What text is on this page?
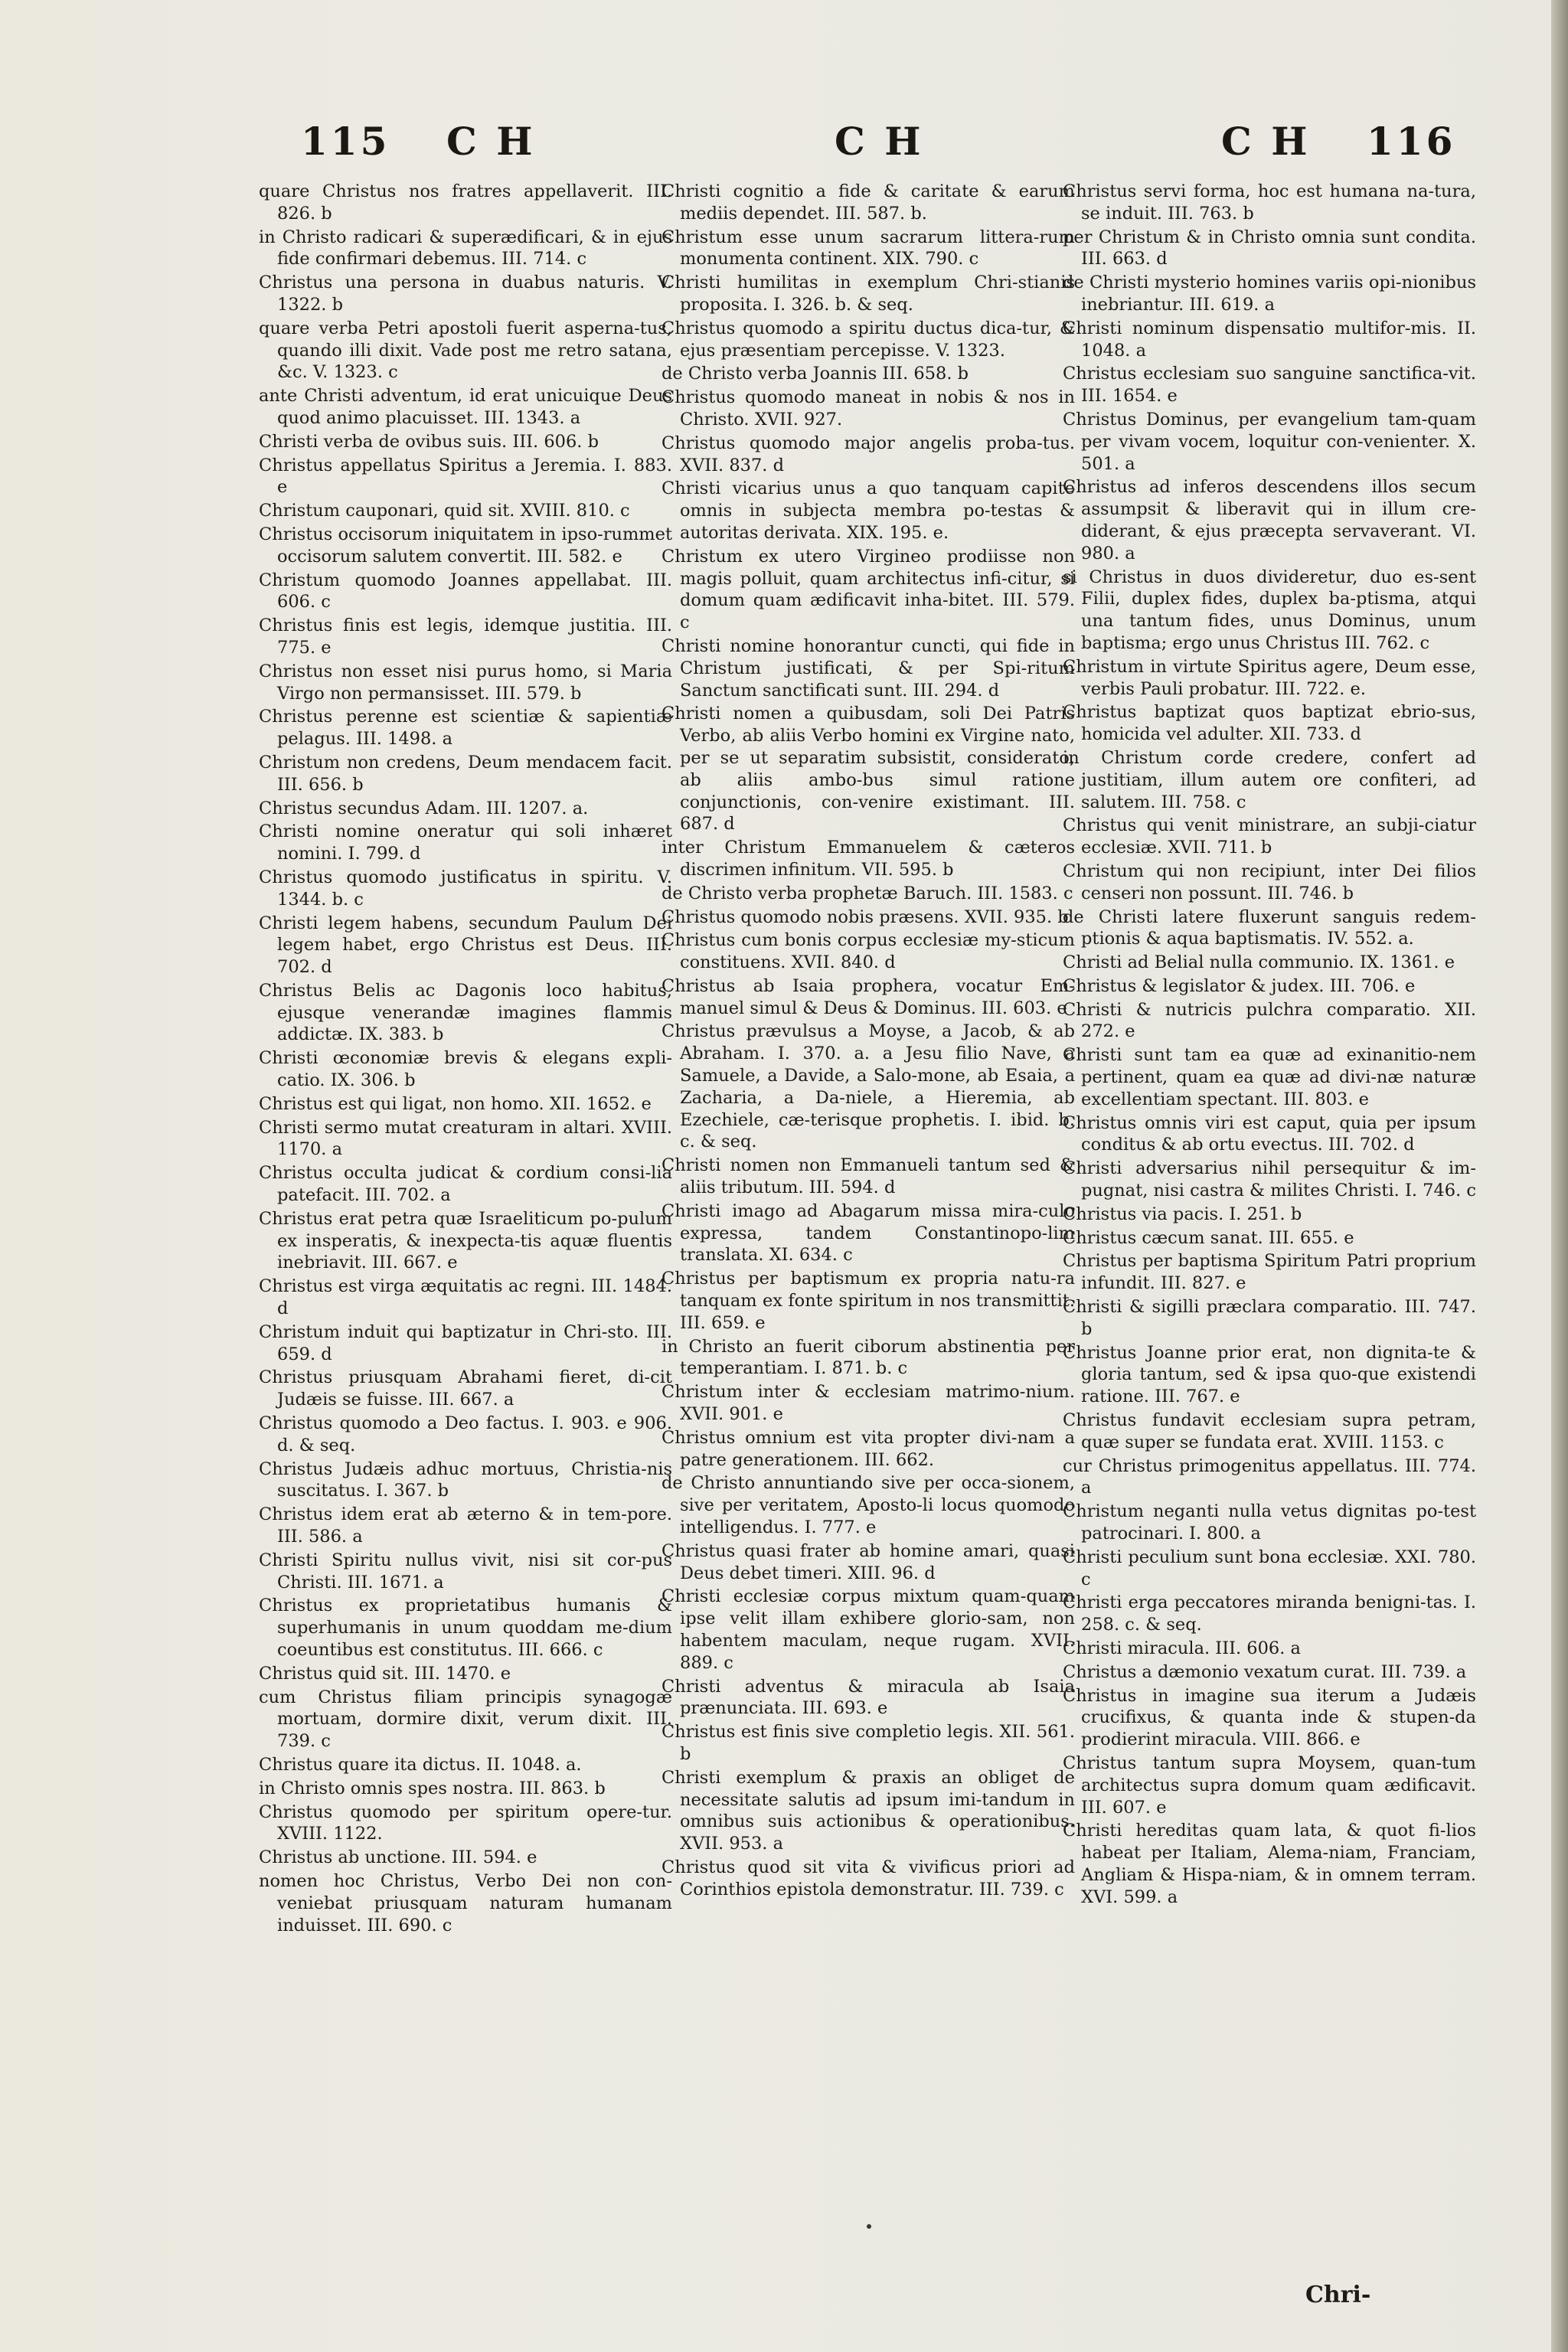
115 C H	C H	C H 116

quare Christus nos fratres appellaverit. III. 826. b

in Christo radicari & superædificari, & in ejus fide confirmari debemus. III. 714. c

Christus una persona in duabus naturis. V. 1322. b

quare verba Petri apostoli fuerit asperna-tus, quando illi dixit. Vade post me retro satana, &c. V. 1323. c

ante Christi adventum, id erat unicuique Deus quod animo placuisset. III. 1343. a

Christi verba de ovibus suis. III. 606. b

Christus appellatus Spiritus a Jeremia. I. 883. e

Christum cauponari, quid sit. XVIII. 810. c

Christus occisorum iniquitatem in ipso-rummet occisorum salutem convertit. III. 582. e

Christum quomodo Joannes appellabat. III. 606. c

Christus finis est legis, idemque justitia. III. 775. e

Christus non esset nisi purus homo, si Maria Virgo non permansisset. III. 579. b

Christus perenne est scientiæ & sapientiæ pelagus. III. 1498. a

Christum non credens, Deum mendacem facit. III. 656. b

Christus secundus Adam. III. 1207. a.

Christi nomine oneratur qui soli inhæret nomini. I. 799. d

Christus quomodo justificatus in spiritu. V. 1344. b. c

Christi legem habens, secundum Paulum Dei legem habet, ergo Christus est Deus. III. 702. d

Christus Belis ac Dagonis loco habitus, ejusque venerandæ imagines flammis addictæ. IX. 383. b

Christi œconomiæ brevis & elegans expli-catio. IX. 306. b

Christus est qui ligat, non homo. XII. 1652. e

Christi sermo mutat creaturam in altari. XVIII. 1170. a

Christus occulta judicat & cordium consi-lia patefacit. III. 702. a

Christus erat petra quæ Israeliticum po-pulum ex insperatis, & inexpecta-tis aquæ fluentis inebriavit. III. 667. e

Christus est virga æquitatis ac regni. III. 1484. d

Christum induit qui baptizatur in Chri-sto. III. 659. d

Christus priusquam Abrahami fieret, di-cit Judæis se fuisse. III. 667. a

Christus quomodo a Deo factus. I. 903. e 906. d. & seq.

Christus Judæis adhuc mortuus, Christia-nis suscitatus. I. 367. b

Christus idem erat ab æterno & in tem-pore. III. 586. a

Christi Spiritu nullus vivit, nisi sit cor-pus Christi. III. 1671. a

Christus ex proprietatibus humanis & superhumanis in unum quoddam me-dium coeuntibus est constitutus. III. 666. c

Christus quid sit. III. 1470. e

cum Christus filiam principis synagogæ mortuam, dormire dixit, verum dixit. III. 739. c

Christus quare ita dictus. II. 1048. a.

in Christo omnis spes nostra. III. 863. b

Christus quomodo per spiritum opere-tur. XVIII. 1122.

Christus ab unctione. III. 594. e

nomen hoc Christus, Verbo Dei non con-veniebat priusquam naturam humanam induisset. III. 690. c

Christi cognitio a fide & caritate & earum mediis dependet. III. 587. b.

Christum esse unum sacrarum littera-rum monumenta continent. XIX. 790. c

Christi humilitas in exemplum Chri-stianis proposita. I. 326. b. & seq.

Christus quomodo a spiritu ductus dica-tur, & ejus præsentiam percepisse. V. 1323.

de Christo verba Joannis III. 658. b

Christus quomodo maneat in nobis & nos in Christo. XVII. 927.

Christus quomodo major angelis proba-tus. XVII. 837. d

Christi vicarius unus a quo tanquam capite omnis in subjecta membra po-testas & autoritas derivata. XIX. 195. e.

Christum ex utero Virgineo prodiisse non magis polluit, quam architectus infi-citur, si domum quam ædificavit inha-bitet. III. 579. c

Christi nomine honorantur cuncti, qui fide in Christum justificati, & per Spi-ritum Sanctum sanctificati sunt. III. 294. d

Christi nomen a quibusdam, soli Dei Patris Verbo, ab aliis Verbo homini ex Virgine nato, per se ut separatim subsistit, considerato, ab aliis ambo-bus simul ratione conjunctionis, con-venire existimant. III. 687. d

inter Christum Emmanuelem & cæteros discrimen infinitum. VII. 595. b

de Christo verba prophetæ Baruch. III. 1583. c

Christus quomodo nobis præsens. XVII. 935. b

Christus cum bonis corpus ecclesiæ my-sticum constituens. XVII. 840. d

Christus ab Isaia prophera, vocatur Em-manuel simul & Deus & Dominus. III. 603. e

Christus prævulsus a Moyse, a Jacob, & ab Abraham. I. 370. a. a Jesu filio Nave, a Samuele, a Davide, a Salo-mone, ab Esaia, a Zacharia, a Da-niele, a Hieremia, ab Ezechiele, cæ-terisque prophetis. I. ibid. b. c. & seq.

Christi nomen non Emmanueli tantum sed & aliis tributum. III. 594. d

Christi imago ad Abagarum missa mira-culo expressa, tandem Constantinopo-lim translata. XI. 634. c

Christus per baptismum ex propria natu-ra tanquam ex fonte spiritum in nos transmittit. III. 659. e

in Christo an fuerit ciborum abstinentia per temperantiam. I. 871. b. c

Christum inter & ecclesiam matrimo-nium. XVII. 901. e

Christus omnium est vita propter divi-nam a patre generationem. III. 662.

de Christo annuntiando sive per occa-sionem, sive per veritatem, Aposto-li locus quomodo intelligendus. I. 777. e

Christus quasi frater ab homine amari, quasi Deus debet timeri. XIII. 96. d

Christi ecclesiæ corpus mixtum quam-quam ipse velit illam exhibere glorio-sam, non habentem maculam, neque rugam. XVII. 889. c

Christi adventus & miracula ab Isaia prænunciata. III. 693. e

Christus est finis sive completio legis. XII. 561. b

Christi exemplum & praxis an obliget de necessitate salutis ad ipsum imi-tandum in omnibus suis actionibus & operationibus. XVII. 953. a

Christus quod sit vita & vivificus priori ad Corinthios epistola demonstratur. III. 739. c

Christus servi forma, hoc est humana na-tura, se induit. III. 763. b

per Christum & in Christo omnia sunt condita. III. 663. d

de Christi mysterio homines variis opi-nionibus inebriantur. III. 619. a

Christi nominum dispensatio multifor-mis. II. 1048. a

Christus ecclesiam suo sanguine sanctifica-vit. III. 1654. e

Christus Dominus, per evangelium tam-quam per vivam vocem, loquitur con-venienter. X. 501. a

Christus ad inferos descendens illos secum assumpsit & liberavit qui in illum cre-diderant, & ejus præcepta servaverant. VI. 980. a

si Christus in duos divideretur, duo es-sent Filii, duplex fides, duplex ba-ptisma, atqui una tantum fides, unus Dominus, unum baptisma; ergo unus Christus III. 762. c

Christum in virtute Spiritus agere, Deum esse, verbis Pauli probatur. III. 722. e.

Christus baptizat quos baptizat ebrio-sus, homicida vel adulter. XII. 733. d

in Christum corde credere, confert ad justitiam, illum autem ore confiteri, ad salutem. III. 758. c

Christus qui venit ministrare, an subji-ciatur ecclesiæ. XVII. 711. b

Christum qui non recipiunt, inter Dei filios censeri non possunt. III. 746. b

de Christi latere fluxerunt sanguis redem-ptionis & aqua baptismatis. IV. 552. a.

Christi ad Belial nulla communio. IX. 1361. e

Christus & legislator & judex. III. 706. e

Christi & nutricis pulchra comparatio. XII. 272. e

Christi sunt tam ea quæ ad exinanitio-nem pertinent, quam ea quæ ad divi-næ naturæ excellentiam spectant. III. 803. e

Christus omnis viri est caput, quia per ipsum conditus & ab ortu evectus. III. 702. d

Christi adversarius nihil persequitur & im-pugnat, nisi castra & milites Christi. I. 746. c

Christus via pacis. I. 251. b

Christus cæcum sanat. III. 655. e

Christus per baptisma Spiritum Patri proprium infundit. III. 827. e

Christi & sigilli præclara comparatio. III. 747. b

Christus Joanne prior erat, non dignita-te & gloria tantum, sed & ipsa quo-que existendi ratione. III. 767. e

Christus fundavit ecclesiam supra petram, quæ super se fundata erat. XVIII. 1153. c

cur Christus primogenitus appellatus. III. 774. a

Christum neganti nulla vetus dignitas po-test patrocinari. I. 800. a

Christi peculium sunt bona ecclesiæ. XXI. 780. c

Christi erga peccatores miranda benigni-tas. I. 258. c. & seq.

Christi miracula. III. 606. a

Christus a dæmonio vexatum curat. III. 739. a

Christus in imagine sua iterum a Judæis crucifixus, & quanta inde & stupen-da prodierint miracula. VIII. 866. e

Christus tantum supra Moysem, quan-tum architectus supra domum quam ædificavit. III. 607. e

Christi hereditas quam lata, & quot fi-lios habeat per Italiam, Alema-niam, Franciam, Angliam & Hispa-niam, & in omnem terram. XVI. 599. a

Chri-
